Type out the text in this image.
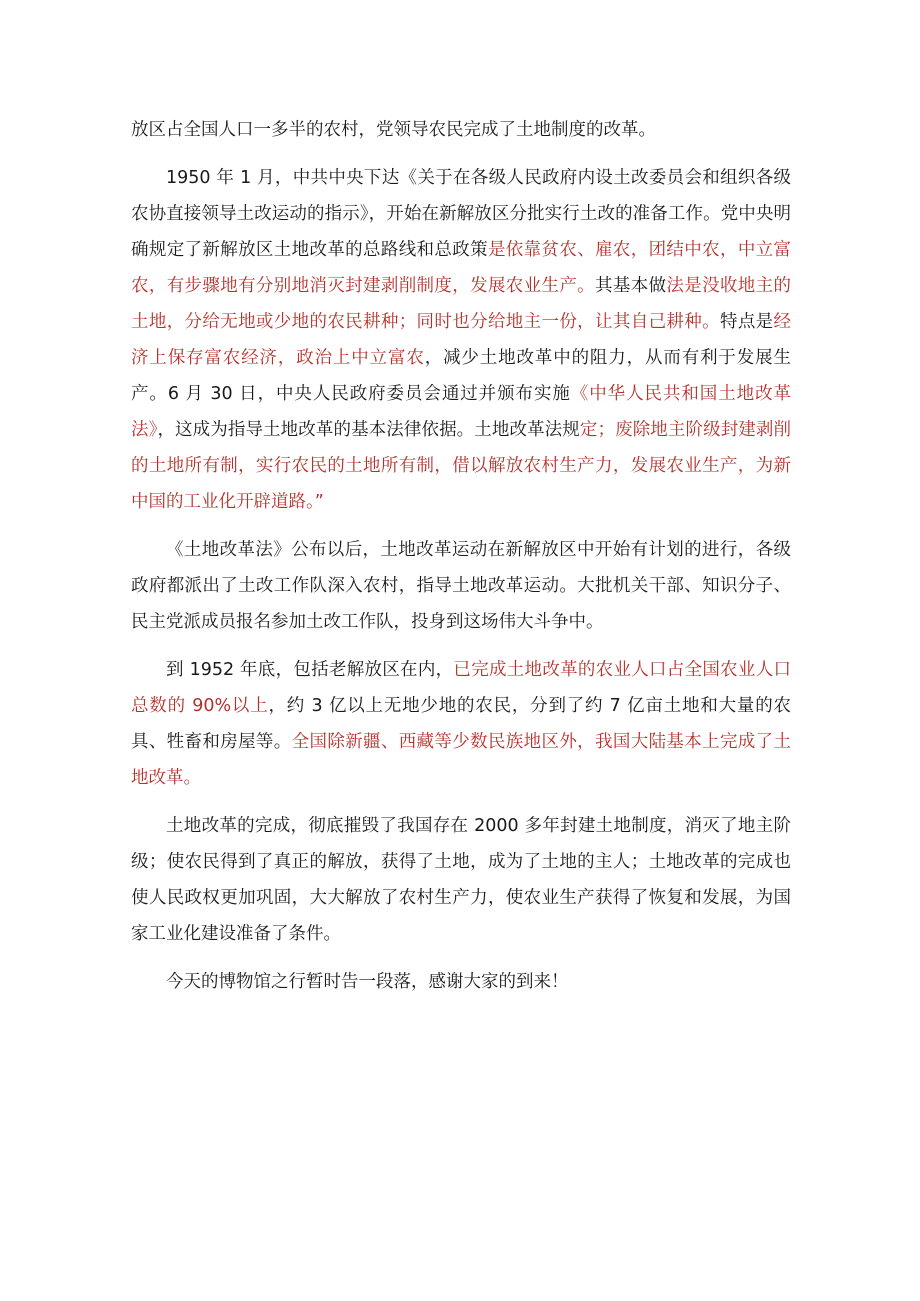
放区占全国人口一多半的农村，党领导农民完成了土地制度的改革。

1950 年 1 月，中共中央下达《关于在各级人民政府内设土改委员会和组织各级农协直接领导土改运动的指示》，开始在新解放区分批实行土改的准备工作。党中央明确规定了新解放区土地改革的总路线和总政策是依靠贫农、雇农，团结中农，中立富农，有步骤地有分别地消灭封建剥削制度，发展农业生产。其基本做法是没收地主的土地，分给无地或少地的农民耕种；同时也分给地主一份，让其自己耕种。特点是经济上保存富农经济，政治上中立富农，减少土地改革中的阻力，从而有利于发展生产。6 月 30 日，中央人民政府委员会通过并颁布实施《中华人民共和国土地改革法》，这成为指导土地改革的基本法律依据。土地改革法规定；废除地主阶级封建剥削的土地所有制，实行农民的土地所有制，借以解放农村生产力，发展农业生产，为新中国的工业化开辟道路。”

《土地改革法》公布以后，土地改革运动在新解放区中开始有计划的进行，各级政府都派出了土改工作队深入农村，指导土地改革运动。大批机关干部、知识分子、民主党派成员报名参加土改工作队，投身到这场伟大斗争中。

到 1952 年底，包括老解放区在内，已完成土地改革的农业人口占全国农业人口总数的 90%以上，约 3 亿以上无地少地的农民，分到了约 7 亿亩土地和大量的农具、牲畜和房屋等。全国除新疆、西藏等少数民族地区外，我国大陆基本上完成了土地改革。

土地改革的完成，彻底摧毁了我国存在 2000 多年封建土地制度，消灭了地主阶级；使农民得到了真正的解放，获得了土地，成为了土地的主人；土地改革的完成也使人民政权更加巩固，大大解放了农村生产力，使农业生产获得了恢复和发展，为国家工业化建设准备了条件。

今天的博物馆之行暂时告一段落，感谢大家的到来！
